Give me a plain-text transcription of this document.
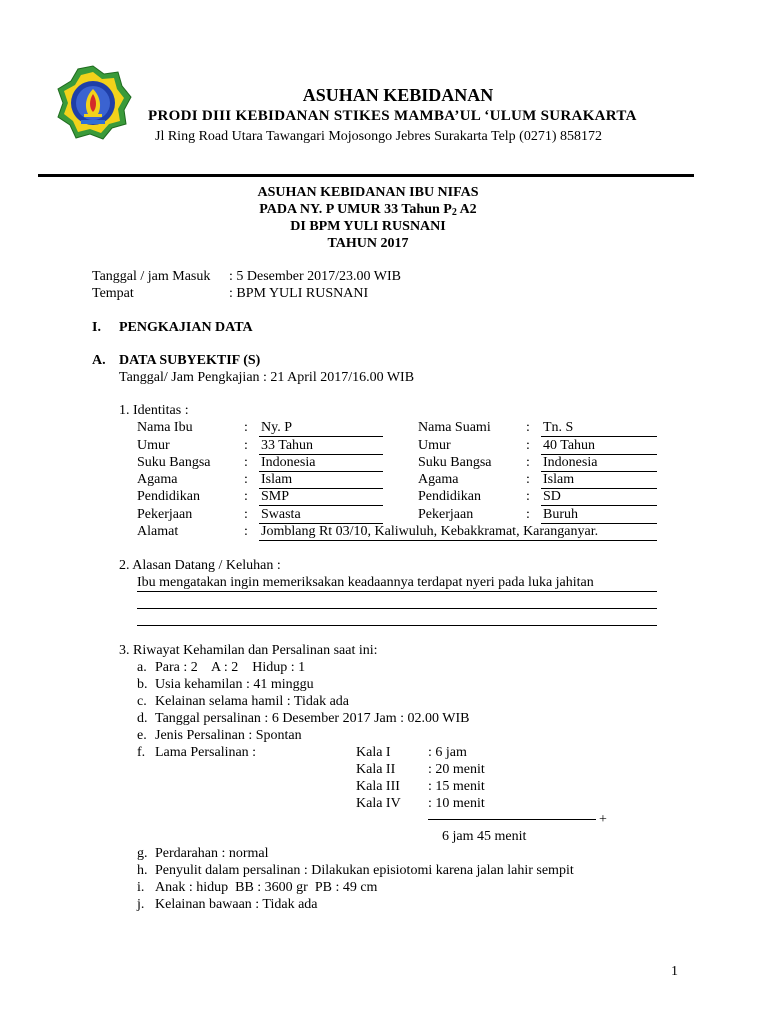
ASUHAN KEBIDANAN
PRODI DIII KEBIDANAN STIKES MAMBA’UL ‘ULUM SURAKARTA
Jl Ring Road Utara Tawangari Mojosongo Jebres Surakarta Telp (0271) 858172
ASUHAN KEBIDANAN IBU NIFAS
PADA NY. P UMUR 33 Tahun $P_2$ A2
DI BPM YULI RUSNANI
TAHUN 2017
Tanggal / jam Masuk : 5 Desember 2017/23.00 WIB
Tempat	: BPM YULI RUSNANI
I. PENGKAJIAN DATA
A. DATA SUBYEKTIF (S)
Tanggal/ Jam Pengkajian : 21 April 2017/16.00 WIB
1. Identitas :
Nama Ibu	: Ny. P	Nama Suami	: Tn. S
Umur	: 33 Tahun	Umur	: 40 Tahun
Suku Bangsa : Indonesia	Suku Bangsa : Indonesia
Agama	: Islam	Agama	: Islam
Pendidikan	: SMP	Pendidikan	: SD
Pekerjaan	: Swasta	Pekerjaan	: Buruh
Alamat	: Jomblang Rt 03/10, Kaliwuluh, Kebakkramat, Karanganyar.
2. Alasan Datang / Keluhan :
Ibu mengatakan ingin memeriksakan keadaannya terdapat nyeri pada luka jahitan
3. Riwayat Kehamilan dan Persalinan saat ini:
a. Para : 2    A : 2    Hidup : 1
b. Usia kehamilan : 41 minggu
c. Kelainan selama hamil : Tidak ada
d. Tanggal persalinan : 6 Desember 2017 Jam : 02.00 WIB
e. Jenis Persalinan : Spontan
f. Lama Persalinan :	Kala I	: 6 jam
Kala II : 20 menit
Kala III : 15 menit
Kala IV : 10 menit
+
6 jam 45 menit
g. Perdarahan : normal
h. Penyulit dalam persalinan : Dilakukan episiotomi karena jalan lahir sempit
i. Anak : hidup  BB : 3600 gr  PB : 49 cm
j. Kelainan bawaan : Tidak ada
1
